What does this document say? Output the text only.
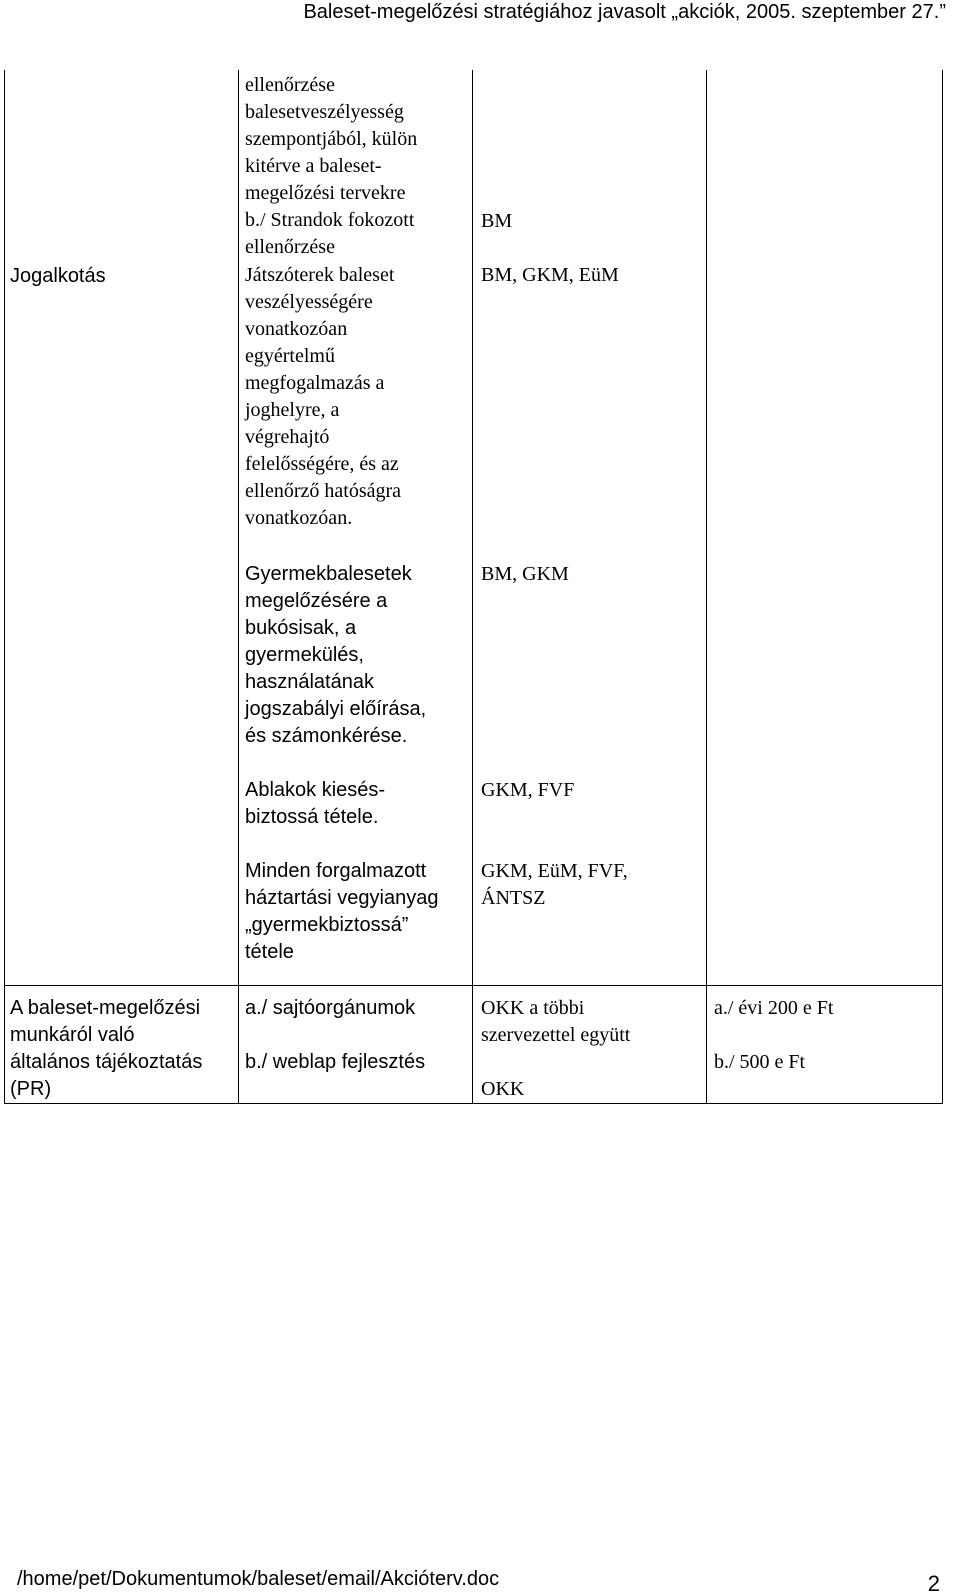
Baleset-megelőzési stratégiához javasolt „akciók, 2005. szeptember 27.”
Jogalkotás
ellenőrzése
balesetveszélyesség
szempontjából, külön
kitérve a baleset-
megelőzési tervekre
b./ Strandok fokozott
ellenőrzése
Játszóterek baleset
veszélyességére
vonatkozóan
egyértelmű
megfogalmazás a
joghelyre, a
végrehajtó
felelősségére, és az
ellenőrző hatóságra
vonatkozóan.
Gyermekbalesetek
megelőzésére a
bukósisak, a
gyermekülés,
használatának
jogszabályi előírása,
és számonkérése.
Ablakok kiesés-
biztossá tétele.
Minden forgalmazott
háztartási vegyianyag
„gyermekbiztossá”
tétele
BM
BM, GKM, EüM
BM, GKM
GKM, FVF
GKM, EüM, FVF,
ÁNTSZ
A baleset-megelőzési
munkáról való
általános tájékoztatás
(PR)
a./ sajtóorgánumok
b./ weblap fejlesztés
OKK a többi
szervezettel együtt
OKK
a./ évi 200 e Ft
b./ 500 e Ft
/home/pet/Dokumentumok/baleset/email/Akcióterv.doc	2
